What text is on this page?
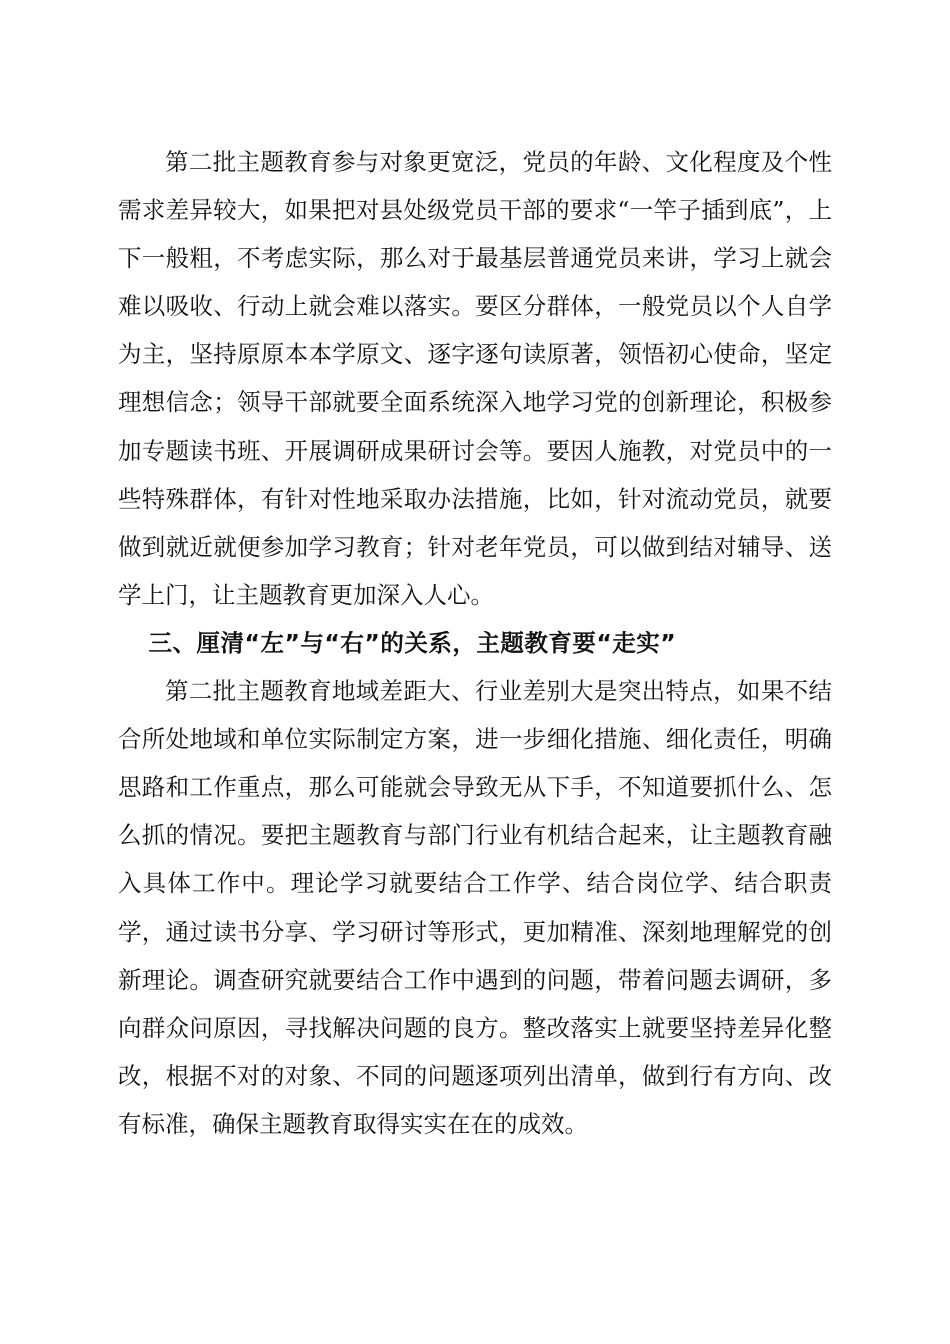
第二批主题教育参与对象更宽泛，党员的年龄、文化程度及个性需求差异较大，如果把对县处级党员干部的要求“一竿子插到底”，上下一般粗，不考虑实际，那么对于最基层普通党员来讲，学习上就会难以吸收、行动上就会难以落实。要区分群体，一般党员以个人自学为主，坚持原原本本学原文、逐字逐句读原著，领悟初心使命，坚定理想信念；领导干部就要全面系统深入地学习党的创新理论，积极参加专题读书班、开展调研成果研讨会等。要因人施教，对党员中的一些特殊群体，有针对性地采取办法措施，比如，针对流动党员，就要做到就近就便参加学习教育；针对老年党员，可以做到结对辅导、送学上门，让主题教育更加深入人心。

三、厘清“左”与“右”的关系，主题教育要“走实”

第二批主题教育地域差距大、行业差别大是突出特点，如果不结合所处地域和单位实际制定方案，进一步细化措施、细化责任，明确思路和工作重点，那么可能就会导致无从下手，不知道要抓什么、怎么抓的情况。要把主题教育与部门行业有机结合起来，让主题教育融入具体工作中。理论学习就要结合工作学、结合岗位学、结合职责学，通过读书分享、学习研讨等形式，更加精准、深刻地理解党的创新理论。调查研究就要结合工作中遇到的问题，带着问题去调研，多向群众问原因，寻找解决问题的良方。整改落实上就要坚持差异化整改，根据不对的对象、不同的问题逐项列出清单，做到行有方向、改有标准，确保主题教育取得实实在在的成效。
